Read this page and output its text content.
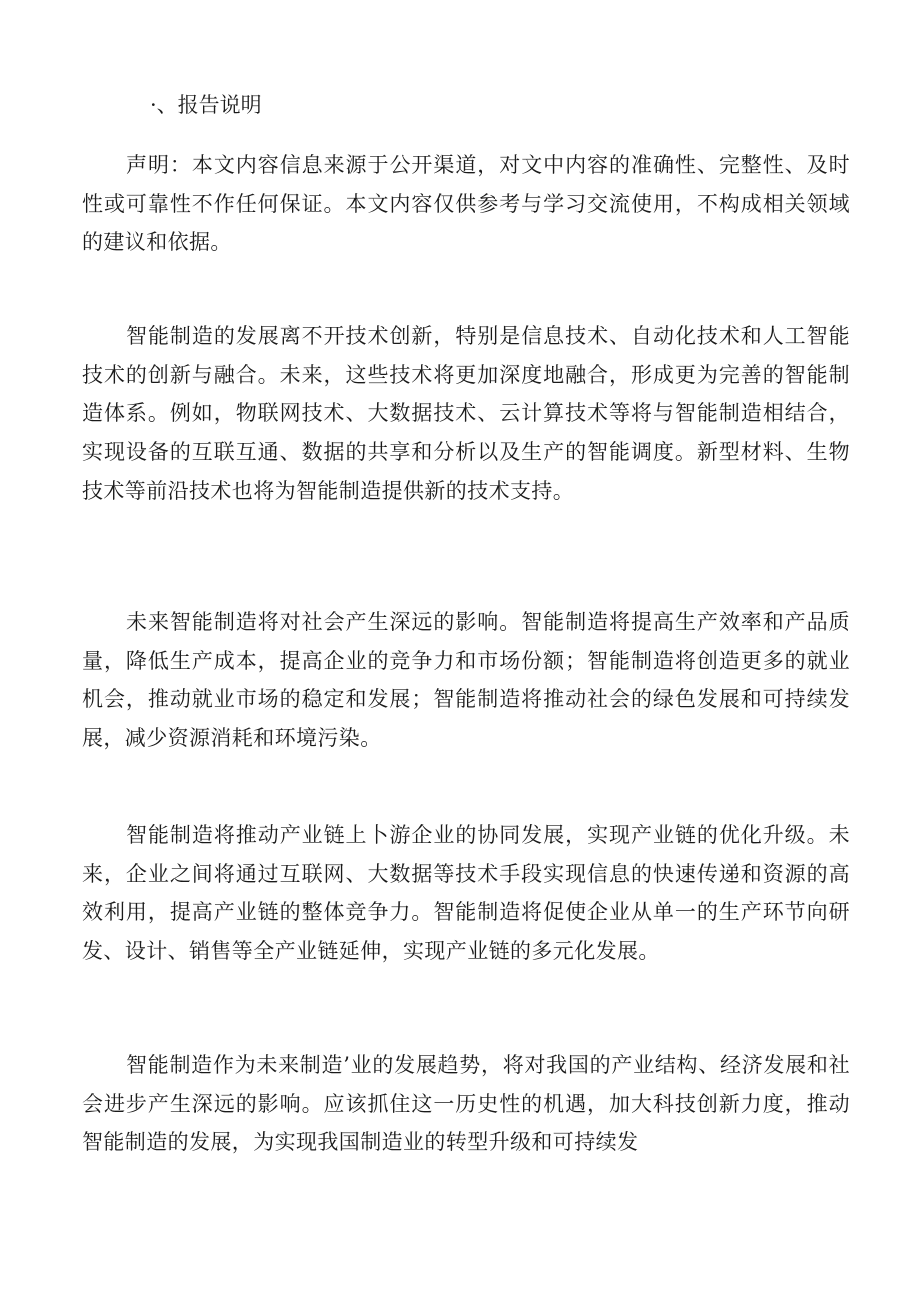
·、报告说明

声明：本文内容信息来源于公开渠道，对文中内容的准确性、完整性、及时性或可靠性不作任何保证。本文内容仅供参考与学习交流使用，不构成相关领域的建议和依据。

智能制造的发展离不开技术创新，特别是信息技术、自动化技术和人工智能技术的创新与融合。未来，这些技术将更加深度地融合，形成更为完善的智能制造体系。例如，物联网技术、大数据技术、云计算技术等将与智能制造相结合，实现设备的互联互通、数据的共享和分析以及生产的智能调度。新型材料、生物技术等前沿技术也将为智能制造提供新的技术支持。

未来智能制造将对社会产生深远的影响。智能制造将提高生产效率和产品质量，降低生产成本，提高企业的竞争力和市场份额；智能制造将创造更多的就业机会，推动就业市场的稳定和发展；智能制造将推动社会的绿色发展和可持续发展，减少资源消耗和环境污染。

智能制造将推动产业链上卜游企业的协同发展，实现产业链的优化升级。未来，企业之间将通过互联网、大数据等技术手段实现信息的快速传递和资源的高效利用，提高产业链的整体竞争力。智能制造将促使企业从单一的生产环节向研发、设计、销售等全产业链延伸，实现产业链的多元化发展。

智能制造作为未来制造’业的发展趋势，将对我国的产业结构、经济发展和社会进步产生深远的影响。应该抓住这一历史性的机遇，加大科技创新力度，推动智能制造的发展，为实现我国制造业的转型升级和可持续发
